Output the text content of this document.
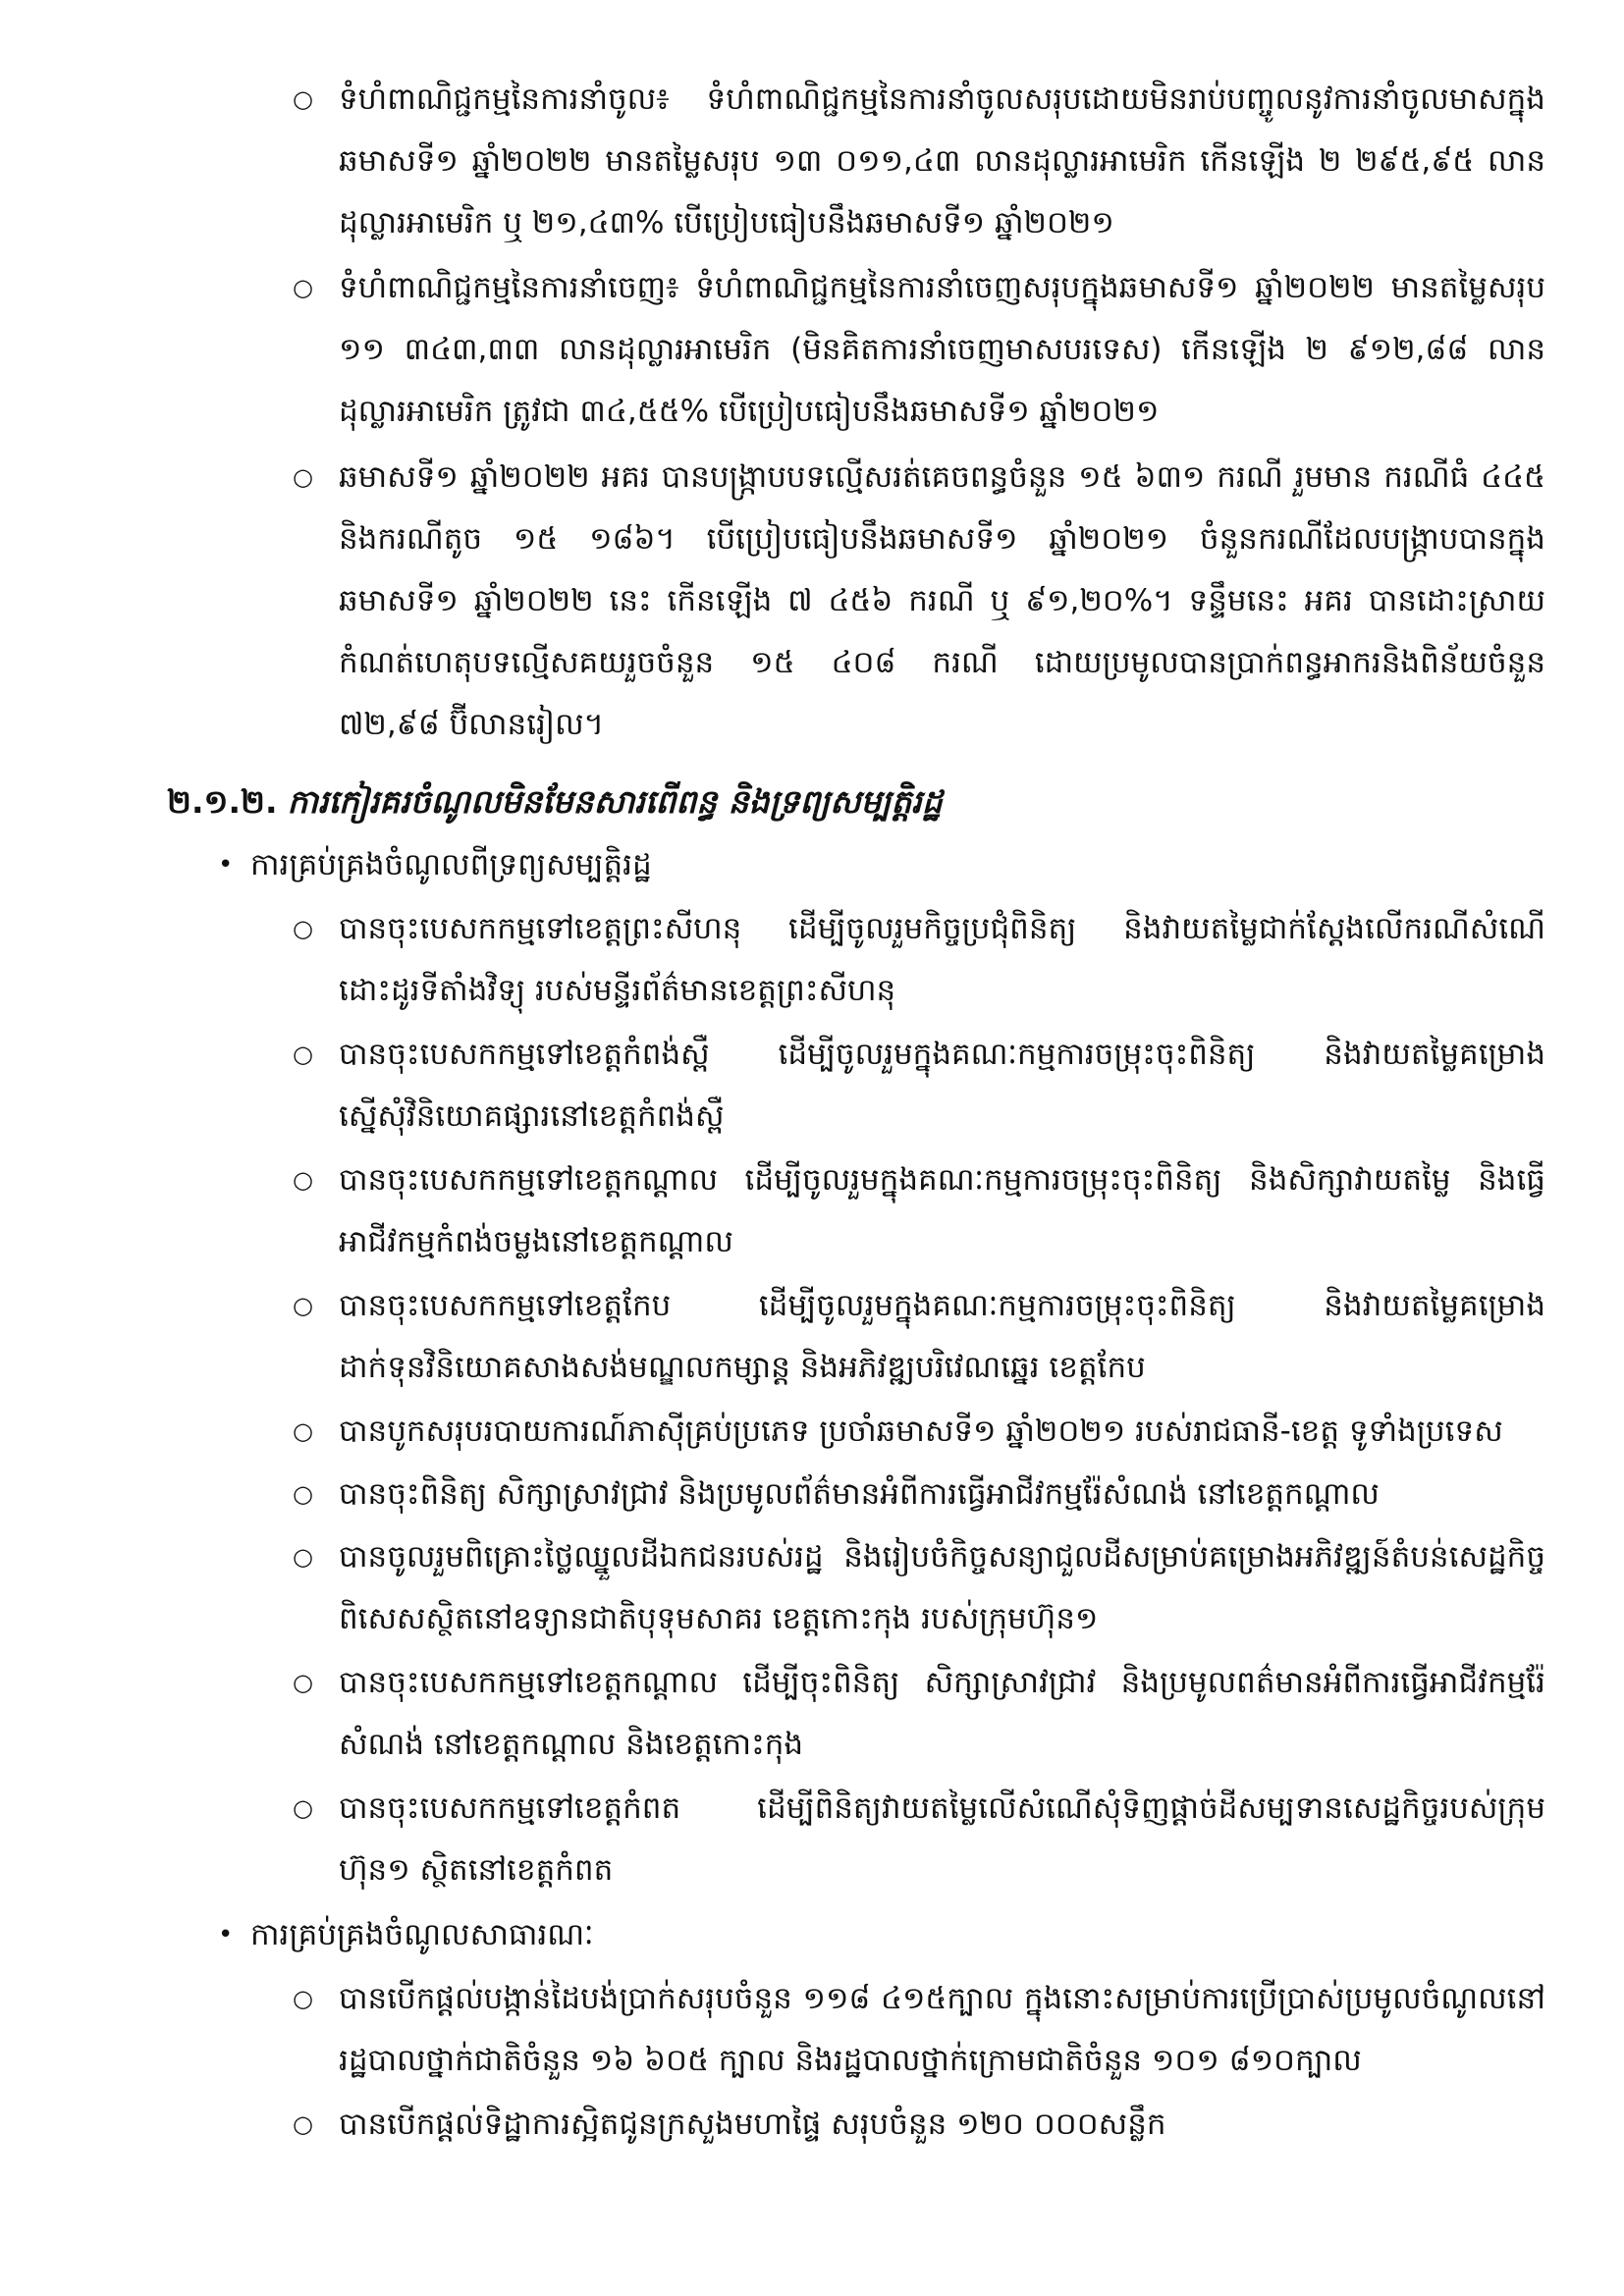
○ ទំហំពាណិជ្ជកម្មនៃការនាំចូល៖ ទំហំពាណិជ្ជកម្មនៃការនាំចូលសរុបដោយមិនរាប់បញ្ចូលនូវការនាំចូលមាសក្នុងឆមាសទី១ ឆ្នាំ២០២២ មានតម្លៃសរុប ១៣ ០១១,៤៣ លានដុល្លារអាមេរិក កើនឡើង ២ ២៩៥,៩៥ លានដុល្លារអាមេរិក ឬ ២១,៤៣% បើប្រៀបធៀបនឹងឆមាសទី១ ឆ្នាំ២០២១
○ ទំហំពាណិជ្ជកម្មនៃការនាំចេញ៖ ទំហំពាណិជ្ជកម្មនៃការនាំចេញសរុបក្នុងឆមាសទី១ ឆ្នាំ២០២២ មានតម្លៃសរុប ១១ ៣៤៣,៣៣ លានដុល្លារអាមេរិក (មិនគិតការនាំចេញមាសបរទេស) កើនឡើង ២ ៩១២,៨៨ លានដុល្លារអាមេរិក ត្រូវជា ៣៤,៥៥% បើប្រៀបធៀបនឹងឆមាសទី១ ឆ្នាំ២០២១
○ ឆមាសទី១ ឆ្នាំ២០២២ អគរ បានបង្ក្រាបបទល្មើសរត់គេចពន្ធចំនួន ១៥ ៦៣១ ករណី រួមមាន ករណីធំ ៤៤៥ និងករណីតូច ១៥ ១៨៦។ បើប្រៀបធៀបនឹងឆមាសទី១ ឆ្នាំ២០២១ ចំនួនករណីដែលបង្ក្រាបបានក្នុងឆមាសទី១ ឆ្នាំ២០២២ នេះ កើនឡើង ៧ ៤៥៦ ករណី ឬ ៩១,២០%។ ទន្ទឹមនេះ អគរ បានដោះស្រាយកំណត់ហេតុបទល្មើសគយរួចចំនួន ១៥ ៤០៨ ករណី ដោយប្រមូលបានប្រាក់ពន្ធអាករនិងពិន័យចំនួន ៧២,៩៨ ប៊ីលានរៀល។
២.១.២. ការកៀរគរចំណូលមិនមែនសារពើពន្ធ និងទ្រព្យសម្បត្តិរដ្ឋ
• ការគ្រប់គ្រងចំណូលពីទ្រព្យសម្បត្តិរដ្ឋ
○ បានចុះបេសកកម្មទៅខេត្តព្រះសីហនុ ដើម្បីចូលរួមកិច្ចប្រជុំពិនិត្យ និងវាយតម្លៃជាក់ស្តែងលើករណីសំណើដោះដូរទីតាំងវិទ្យុ របស់មន្ទីរព័ត៌មានខេត្តព្រះសីហនុ
○ បានចុះបេសកកម្មទៅខេត្តកំពង់ស្ពឺ ដើម្បីចូលរួមក្នុងគណៈកម្មការចម្រុះចុះពិនិត្យ និងវាយតម្លៃគម្រោងស្នើសុំវិនិយោគផ្សារនៅខេត្តកំពង់ស្ពឺ
○ បានចុះបេសកកម្មទៅខេត្តកណ្តាល ដើម្បីចូលរួមក្នុងគណៈកម្មការចម្រុះចុះពិនិត្យ និងសិក្សាវាយតម្លៃ និងធ្វើអាជីវកម្មកំពង់ចម្លងនៅខេត្តកណ្តាល
○ បានចុះបេសកកម្មទៅខេត្តកែប ដើម្បីចូលរួមក្នុងគណៈកម្មការចម្រុះចុះពិនិត្យ និងវាយតម្លៃគម្រោងដាក់ទុនវិនិយោគសាងសង់មណ្ឌលកម្សាន្ត និងអភិវឌ្ឍបរិវេណឆ្នេរ ខេត្តកែប
○ បានបូកសរុបរបាយការណ៍ភាស៊ីគ្រប់ប្រភេទ ប្រចាំឆមាសទី១ ឆ្នាំ២០២១ របស់រាជធានី-ខេត្ត ទូទាំងប្រទេស
○ បានចុះពិនិត្យ សិក្សាស្រាវជ្រាវ និងប្រមូលព័ត៌មានអំពីការធ្វើអាជីវកម្មរ៉ែសំណង់ នៅខេត្តកណ្តាល
○ បានចូលរួមពិគ្រោះថ្លៃឈ្នួលដីឯកជនរបស់រដ្ឋ និងរៀបចំកិច្ចសន្យាជួលដីសម្រាប់គម្រោងអភិវឌ្ឍន៍តំបន់សេដ្ឋកិច្ចពិសេសស្ថិតនៅឧទ្យានជាតិបុទុមសាគរ ខេត្តកោះកុង របស់ក្រុមហ៊ុន១
○ បានចុះបេសកកម្មទៅខេត្តកណ្តាល ដើម្បីចុះពិនិត្យ សិក្សាស្រាវជ្រាវ និងប្រមូលពត៌មានអំពីការធ្វើអាជីវកម្មរ៉ែសំណង់ នៅខេត្តកណ្តាល និងខេត្តកោះកុង
○ បានចុះបេសកកម្មទៅខេត្តកំពត ដើម្បីពិនិត្យវាយតម្លៃលើសំណើសុំទិញផ្តាច់ដីសម្បទានសេដ្ឋកិច្ចរបស់ក្រុមហ៊ុន១ ស្ថិតនៅខេត្តកំពត
• ការគ្រប់គ្រងចំណូលសាធារណៈ
○ បានបើកផ្តល់បង្កាន់ដៃបង់ប្រាក់សរុបចំនួន ១១៨ ៤១៥ក្បាល ក្នុងនោះសម្រាប់ការប្រើប្រាស់ប្រមូលចំណូលនៅរដ្ឋបាលថ្នាក់ជាតិចំនួន ១៦ ៦០៥ ក្បាល និងរដ្ឋបាលថ្នាក់ក្រោមជាតិចំនួន ១០១ ៨១០ក្បាល
○ បានបើកផ្តល់ទិដ្ឋាការស្អិតជូនក្រសួងមហាផ្ទៃ សរុបចំនួន ១២០ ០០០សន្លឹក
